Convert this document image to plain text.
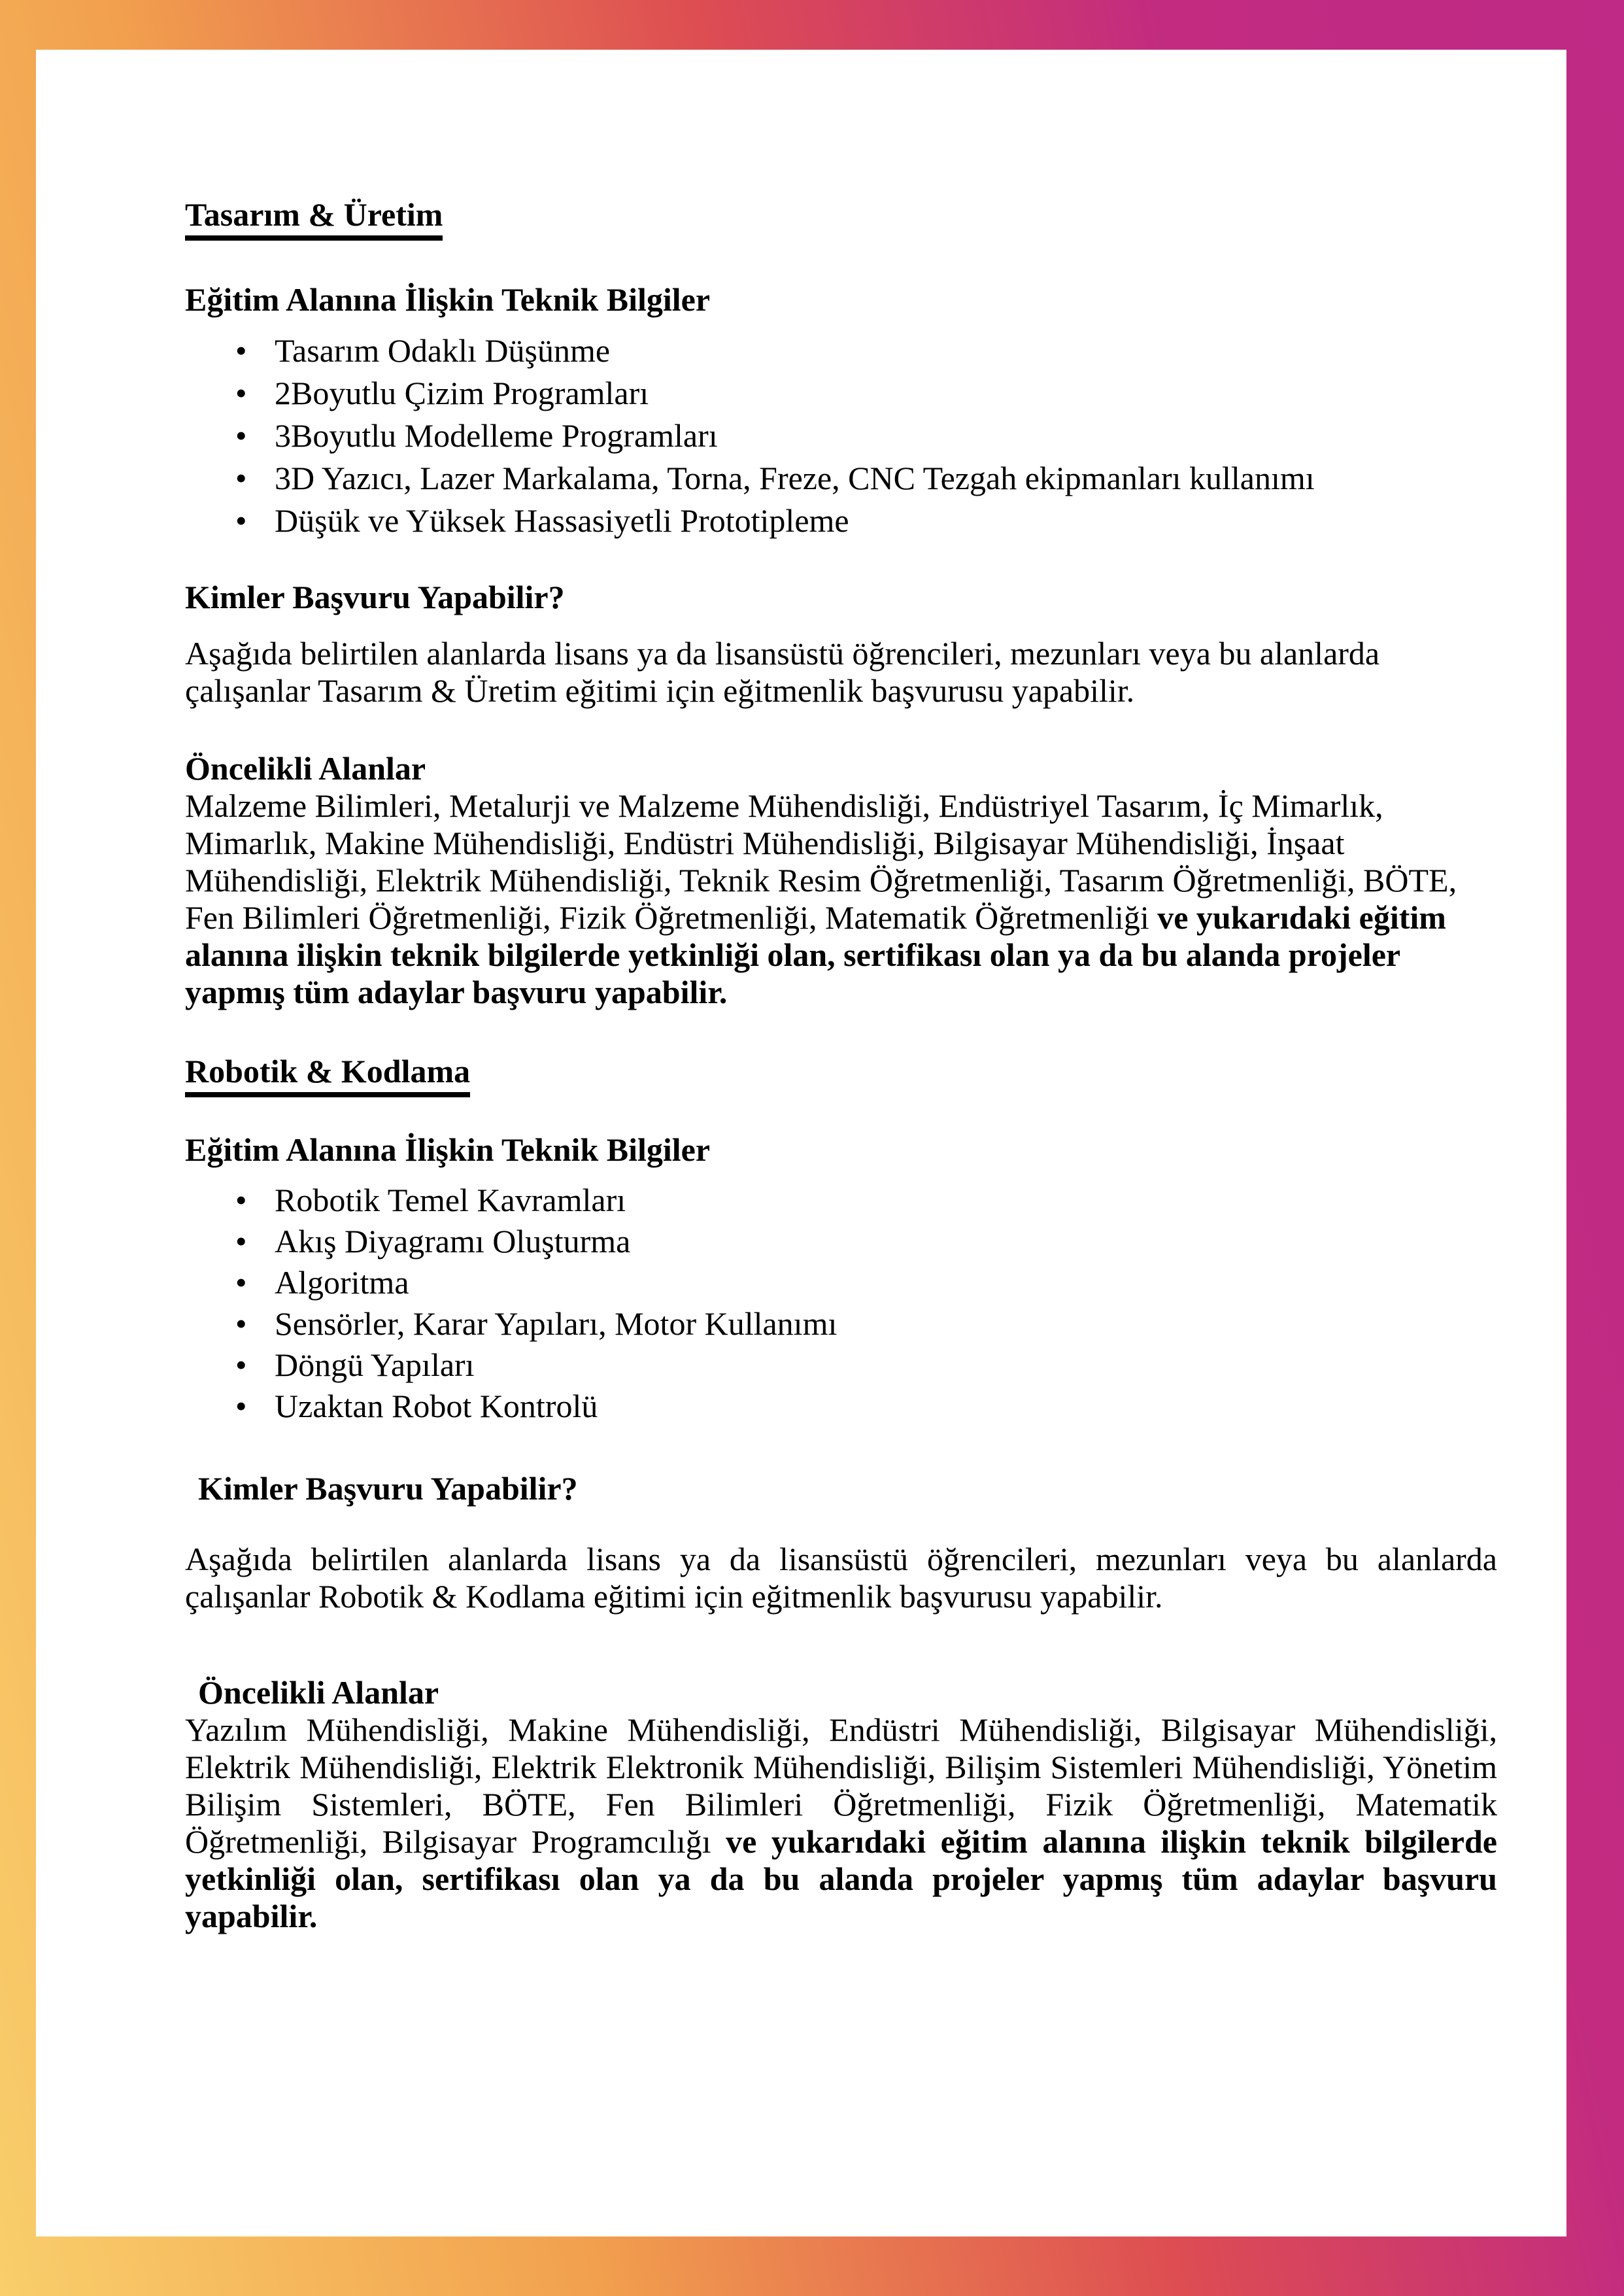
Tasarım & Üretim
Eğitim Alanına İlişkin Teknik Bilgiler
• Tasarım Odaklı Düşünme
• 2Boyutlu Çizim Programları
• 3Boyutlu Modelleme Programları
• 3D Yazıcı, Lazer Markalama, Torna, Freze, CNC Tezgah ekipmanları kullanımı
• Düşük ve Yüksek Hassasiyetli Prototipleme
Kimler Başvuru Yapabilir?

Aşağıda belirtilen alanlarda lisans ya da lisansüstü öğrencileri, mezunları veya bu alanlarda çalışanlar Tasarım & Üretim eğitimi için eğitmenlik başvurusu yapabilir.

Öncelikli Alanlar

Malzeme Bilimleri, Metalurji ve Malzeme Mühendisliği, Endüstriyel Tasarım, İç Mimarlık, Mimarlık, Makine Mühendisliği, Endüstri Mühendisliği, Bilgisayar Mühendisliği, İnşaat Mühendisliği, Elektrik Mühendisliği, Teknik Resim Öğretmenliği, Tasarım Öğretmenliği, BÖTE, Fen Bilimleri Öğretmenliği, Fizik Öğretmenliği, Matematik Öğretmenliği ve yukarıdaki eğitim alanına ilişkin teknik bilgilerde yetkinliği olan, sertifikası olan ya da bu alanda projeler yapmış tüm adaylar başvuru yapabilir.

Robotik & Kodlama
Eğitim Alanına İlişkin Teknik Bilgiler
• Robotik Temel Kavramları
• Akış Diyagramı Oluşturma
• Algoritma
• Sensörler, Karar Yapıları, Motor Kullanımı
• Döngü Yapıları
• Uzaktan Robot Kontrolü
Kimler Başvuru Yapabilir?

Aşağıda belirtilen alanlarda lisans ya da lisansüstü öğrencileri, mezunları veya bu alanlarda çalışanlar Robotik & Kodlama eğitimi için eğitmenlik başvurusu yapabilir.

Öncelikli Alanlar

Yazılım Mühendisliği, Makine Mühendisliği, Endüstri Mühendisliği, Bilgisayar Mühendisliği, Elektrik Mühendisliği, Elektrik Elektronik Mühendisliği, Bilişim Sistemleri Mühendisliği, Yönetim Bilişim Sistemleri, BÖTE, Fen Bilimleri Öğretmenliği, Fizik Öğretmenliği, Matematik Öğretmenliği, Bilgisayar Programcılığı ve yukarıdaki eğitim alanına ilişkin teknik bilgilerde yetkinliği olan, sertifikası olan ya da bu alanda projeler yapmış tüm adaylar başvuru yapabilir.
